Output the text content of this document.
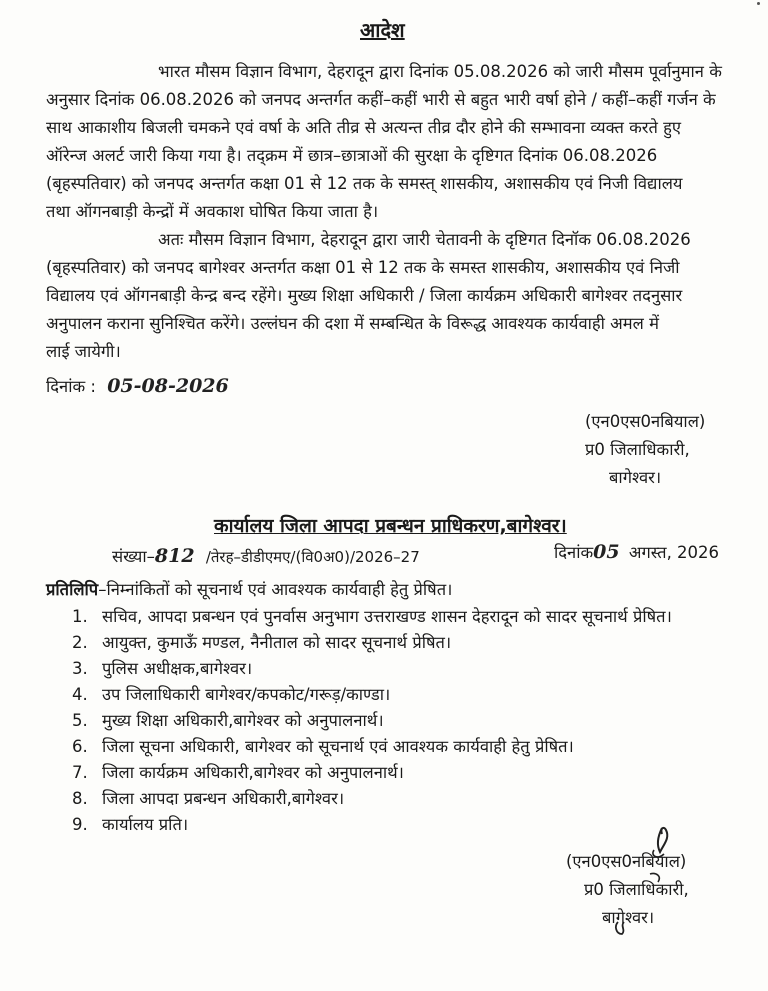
आदेश
भारत मौसम विज्ञान विभाग, देहरादून द्वारा दिनांक 05.08.2026 को जारी मौसम पूर्वानुमान के
अनुसार दिनांक 06.08.2026 को जनपद अन्तर्गत कहीं–कहीं भारी से बहुत भारी वर्षा होने / कहीं–कहीं गर्जन के
साथ आकाशीय बिजली चमकने एवं वर्षा के अति तीव्र से अत्यन्त तीव्र दौर होने की सम्भावना व्यक्त करते हुए
ऑरेन्ज अलर्ट जारी किया गया है। तद्क्रम में छात्र–छात्राओं की सुरक्षा के दृष्टिगत दिनांक 06.08.2026
(बृहस्पतिवार) को जनपद अन्तर्गत कक्षा 01 से 12 तक के समस्त् शासकीय, अशासकीय एवं निजी विद्यालय
तथा ऑगनबाड़ी केन्द्रों में अवकाश घोषित किया जाता है।
अतः मौसम विज्ञान विभाग, देहरादून द्वारा जारी चेतावनी के दृष्टिगत दिनॉक 06.08.2026
(बृहस्पतिवार) को जनपद बागेश्वर अन्तर्गत कक्षा 01 से 12 तक के समस्त शासकीय, अशासकीय एवं निजी
विद्यालय एवं ऑगनबाड़ी केन्द्र बन्द रहेंगे। मुख्य शिक्षा अधिकारी / जिला कार्यक्रम अधिकारी बागेश्वर तदनुसार
अनुपालन कराना सुनिश्चित करेंगे। उल्लंघन की दशा में सम्बन्धित के विरूद्ध आवश्यक कार्यवाही अमल में
लाई जायेगी।
दिनांक : 05-08-2026
(एन0एस0नबियाल)
प्र0 जिलाधिकारी,
बागेश्वर।
कार्यालय जिला आपदा प्रबन्धन प्राधिकरण,बागेश्वर।
संख्या–812 /तेरह–डीडीएमए/(वि0अ0)/2026–27	दिनांक05 अगस्त, 2026
प्रतिलिपि–निम्नांकितों को सूचनार्थ एवं आवश्यक कार्यवाही हेतु प्रेषित।
1. सचिव, आपदा प्रबन्धन एवं पुनर्वास अनुभाग उत्तराखण्ड शासन देहरादून को सादर सूचनार्थ प्रेषित।
2. आयुक्त, कुमाऊँ मण्डल, नैनीताल को सादर सूचनार्थ प्रेषित।
3. पुलिस अधीक्षक,बागेश्वर।
4. उप जिलाधिकारी बागेश्वर/कपकोट/गरूड़/काण्डा।
5. मुख्य शिक्षा अधिकारी,बागेश्वर को अनुपालनार्थ।
6. जिला सूचना अधिकारी, बागेश्वर को सूचनार्थ एवं आवश्यक कार्यवाही हेतु प्रेषित।
7. जिला कार्यक्रम अधिकारी,बागेश्वर को अनुपालनार्थ।
8. जिला आपदा प्रबन्धन अधिकारी,बागेश्वर।
9. कार्यालय प्रति।
(एन0एस0नबियाल)
प्र0 जिलाधिकारी,
बागेश्वर।
